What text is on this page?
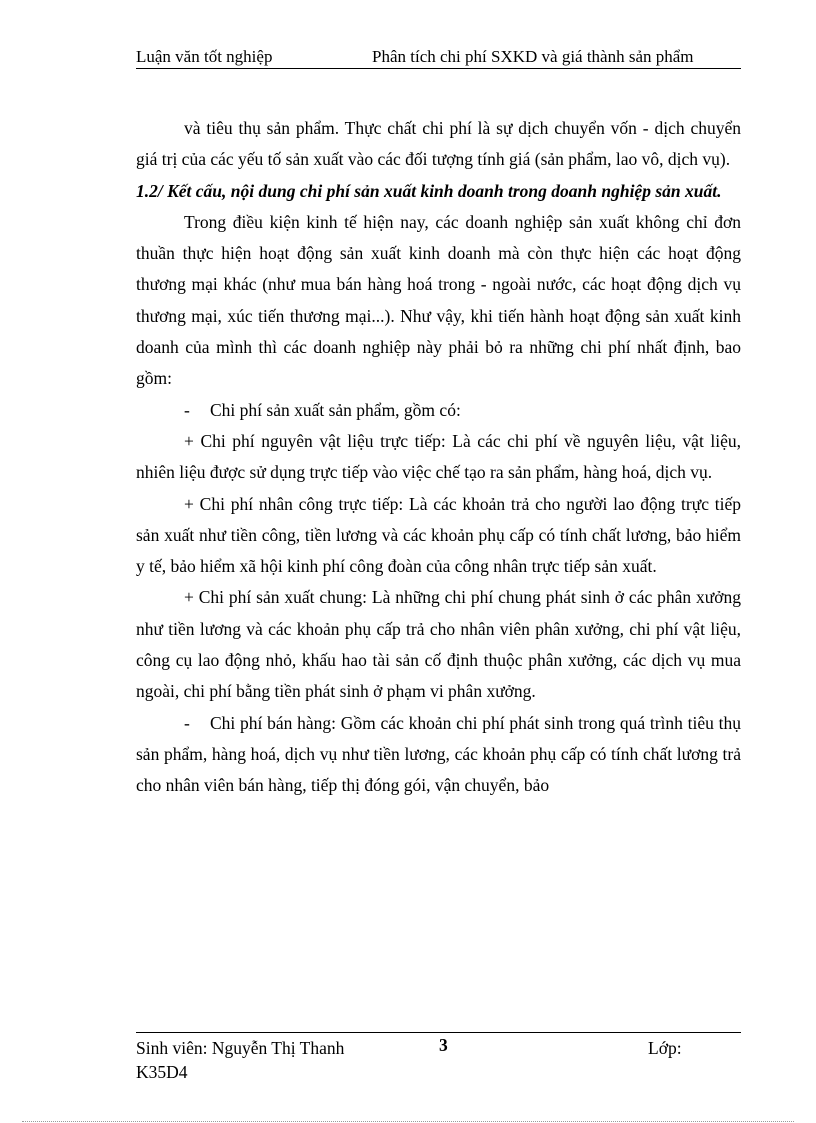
Luận văn tốt nghiệp	Phân tích chi phí SXKD và giá thành sản phẩm

và tiêu thụ sản phẩm. Thực chất chi phí là sự dịch chuyển vốn - dịch chuyển giá trị của các yếu tố sản xuất vào các đối tượng tính giá (sản phẩm, lao vô, dịch vụ).

1.2/ Kết cấu, nội dung chi phí sản xuất kinh doanh trong doanh nghiệp sản xuất.

Trong điều kiện kinh tế hiện nay, các doanh nghiệp sản xuất không chỉ đơn thuần thực hiện hoạt động sản xuất kinh doanh mà còn thực hiện các hoạt động thương mại khác (như mua bán hàng hoá trong - ngoài nước, các hoạt động dịch vụ thương mại, xúc tiến thương mại...). Như vậy, khi tiến hành hoạt động sản xuất kinh doanh của mình thì các doanh nghiệp này phải bỏ ra những chi phí nhất định, bao gồm:

- Chi phí sản xuất sản phẩm, gồm có:

+ Chi phí nguyên vật liệu trực tiếp: Là các chi phí về nguyên liệu, vật liệu, nhiên liệu được sử dụng trực tiếp vào việc chế tạo ra sản phẩm, hàng hoá, dịch vụ.

+ Chi phí nhân công trực tiếp: Là các khoản trả cho người lao động trực tiếp sản xuất như tiền công, tiền lương và các khoản phụ cấp có tính chất lương, bảo hiểm y tế, bảo hiểm xã hội kinh phí công đoàn của công nhân trực tiếp sản xuất.

+ Chi phí sản xuất chung: Là những chi phí chung phát sinh ở các phân xưởng như tiền lương và các khoản phụ cấp trả cho nhân viên phân xưởng, chi phí vật liệu, công cụ lao động nhỏ, khấu hao tài sản cố định thuộc phân xưởng, các dịch vụ mua ngoài, chi phí bằng tiền phát sinh ở phạm vi phân xưởng.

- Chi phí bán hàng: Gồm các khoản chi phí phát sinh trong quá trình tiêu thụ sản phẩm, hàng hoá, dịch vụ như tiền lương, các khoản phụ cấp có tính chất lương trả cho nhân viên bán hàng, tiếp thị đóng gói, vận chuyển, bảo

Sinh viên: Nguyễn Thị Thanh	3	Lớp:
K35D4
